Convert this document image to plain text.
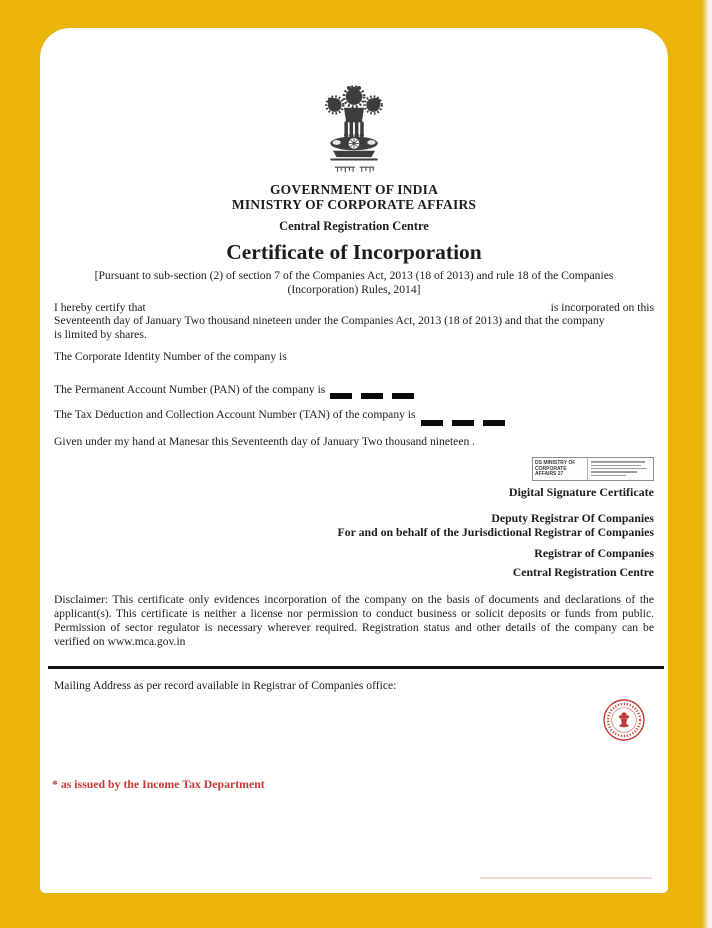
GOVERNMENT OF INDIA
MINISTRY OF CORPORATE AFFAIRS
Central Registration Centre
Certificate of Incorporation
[Pursuant to sub-section (2) of section 7 of the Companies Act, 2013 (18 of 2013) and rule 18 of the Companies
(Incorporation) Rules, 2014]
I hereby certify that	is incorporated on this
Seventeenth day of January Two thousand nineteen under the Companies Act, 2013 (18 of 2013) and that the company
is limited by shares.
The Corporate Identity Number of the company is
The Permanent Account Number (PAN) of the company is
The Tax Deduction and Collection Account Number (TAN) of the company is
Given under my hand at Manesar this Seventeenth day of January Two thousand nineteen .
DS MINISTRY OF CORPORATE AFFAIRS 27
Digital Signature Certificate
Deputy Registrar Of Companies
For and on behalf of the Jurisdictional Registrar of Companies
Registrar of Companies
Central Registration Centre
Disclaimer: This certificate only evidences incorporation of the company on the basis of documents and declarations of the applicant(s). This certificate is neither a license nor permission to conduct business or solicit deposits or funds from public. Permission of sector regulator is necessary wherever required. Registration status and other details of the company can be verified on www.mca.gov.in
Mailing Address as per record available in Registrar of Companies office:
* as issued by the Income Tax Department
